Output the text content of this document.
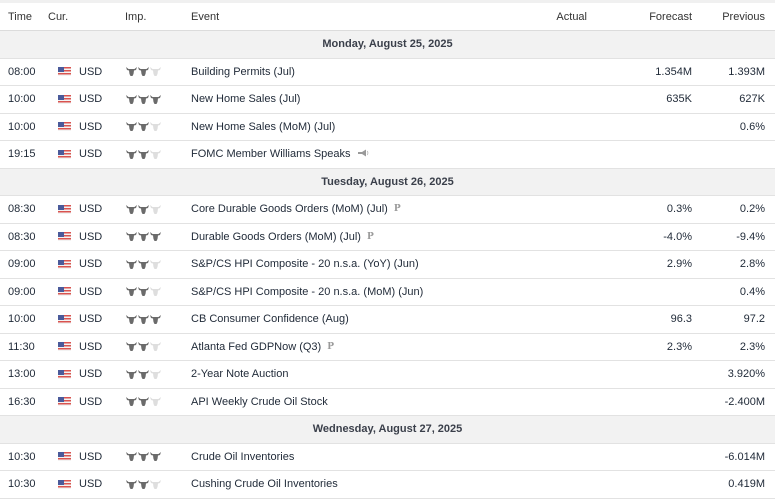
Time	Cur.	Imp.	Event	Actual	Forecast	Previous
Monday, August 25, 2025						
08:00	USD		Building Permits (Jul)		1.354M	1.393M
10:00	USD		New Home Sales (Jul)		635K	627K
10:00	USD		New Home Sales (MoM) (Jul)			0.6%
19:15	USD		FOMC Member Williams Speaks			

Tuesday, August 26, 2025						
08:30	USD		Core Durable Goods Orders (MoM) (Jul) P		0.3%	0.2%
08:30	USD		Durable Goods Orders (MoM) (Jul) P		-4.0%	-9.4%
09:00	USD		S&P/CS HPI Composite - 20 n.s.a. (YoY) (Jun)		2.9%	2.8%
09:00	USD		S&P/CS HPI Composite - 20 n.s.a. (MoM) (Jun)			0.4%
10:00	USD		CB Consumer Confidence (Aug)		96.3	97.2
11:30	USD		Atlanta Fed GDPNow (Q3) P		2.3%	2.3%
13:00	USD		2-Year Note Auction			3.920%
16:30	USD		API Weekly Crude Oil Stock			-2.400M
Wednesday, August 27, 2025						
10:30	USD		Crude Oil Inventories			-6.014M
10:30	USD		Cushing Crude Oil Inventories			0.419M
